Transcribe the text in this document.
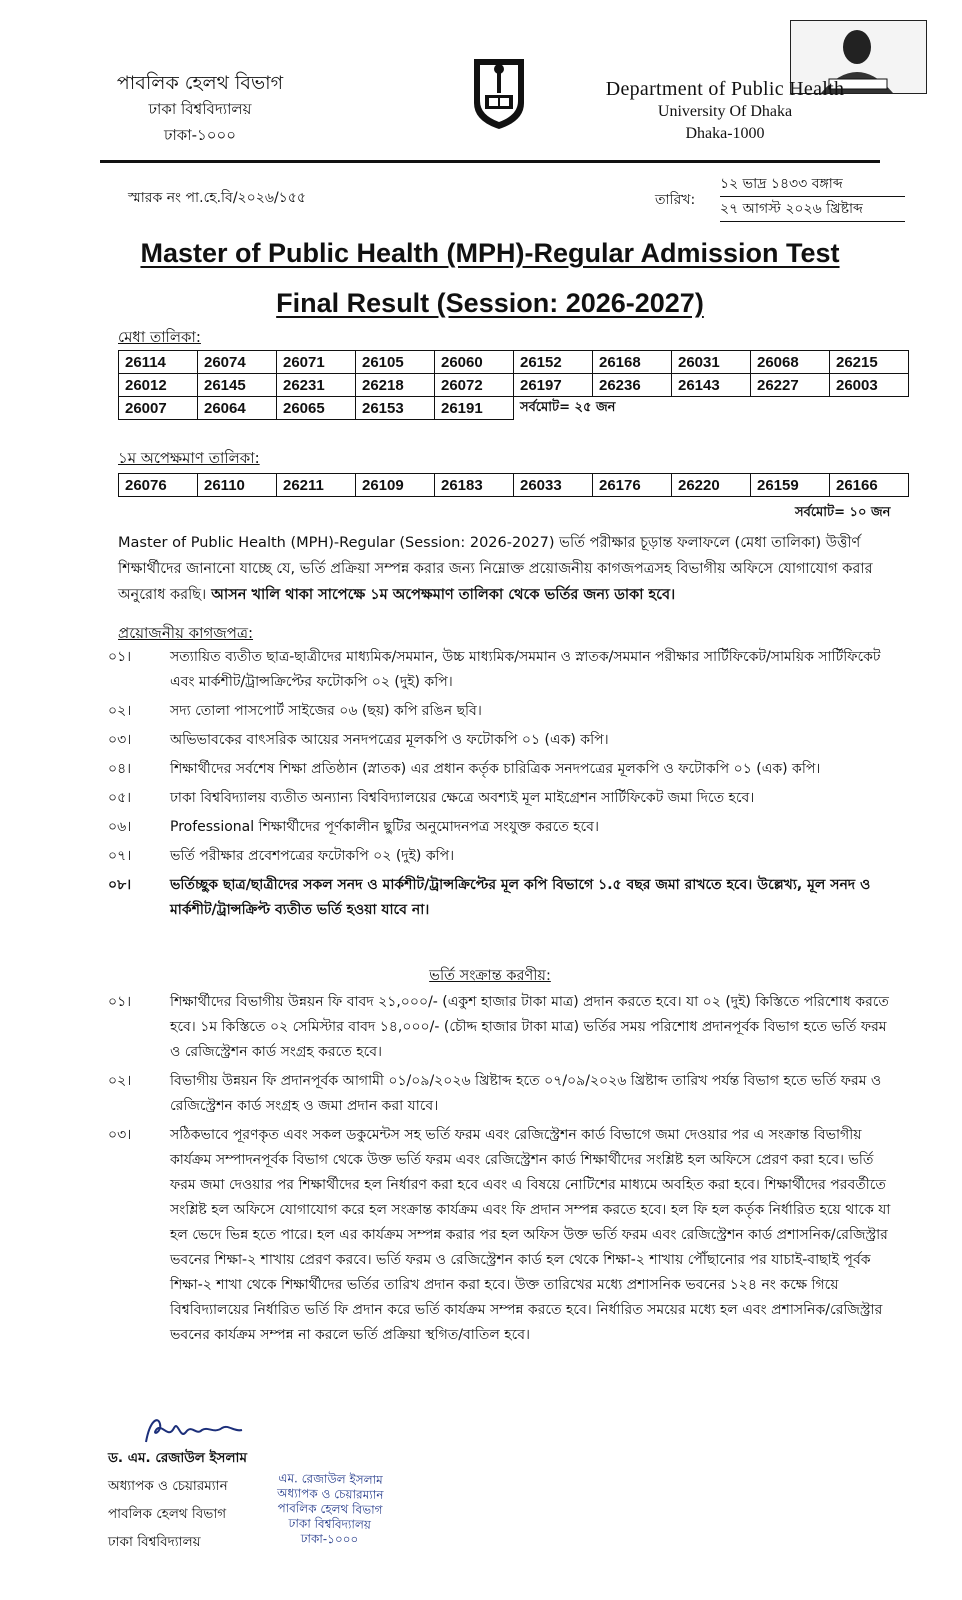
পাবলিক হেলথ বিভাগ
ঢাকা বিশ্ববিদ্যালয়
ঢাকা-১০০০
Department of Public Health
University Of Dhaka
Dhaka-1000
স্মারক নং পা.হে.বি/২০২৬/১৫৫	তারিখ:
১২ ভাদ্র ১৪৩৩ বঙ্গাব্দ
২৭ আগস্ট ২০২৬ খ্রিষ্টাব্দ
Master of Public Health (MPH)-Regular Admission Test
Final Result (Session: 2026-2027)
মেধা তালিকা:
26114	26074	26071	26105	26060	26152	26168	26031	26068	26215
26012	26145	26231	26218	26072	26197	26236	26143	26227	26003
26007	26064	26065	26153	26191	সর্বমোট= ২৫ জন				
১ম অপেক্ষমাণ তালিকা:
26076	26110	26211	26109	26183	26033	26176	26220	26159	26166
সর্বমোট= ১০ জন
Master of Public Health (MPH)-Regular (Session: 2026-2027) ভর্তি পরীক্ষার চূড়ান্ত ফলাফলে (মেধা তালিকা) উত্তীর্ণ শিক্ষার্থীদের জানানো যাচ্ছে যে, ভর্তি প্রক্রিয়া সম্পন্ন করার জন্য নিম্নোক্ত প্রয়োজনীয় কাগজপত্রসহ বিভাগীয় অফিসে যোগাযোগ করার অনুরোধ করছি। আসন খালি থাকা সাপেক্ষে ১ম অপেক্ষমাণ তালিকা থেকে ভর্তির জন্য ডাকা হবে।
প্রয়োজনীয় কাগজপত্র:
০১।	সত্যায়িত ব্যতীত ছাত্র-ছাত্রীদের মাধ্যমিক/সমমান, উচ্চ মাধ্যমিক/সমমান ও স্নাতক/সমমান পরীক্ষার সার্টিফিকেট/সাময়িক সার্টিফিকেট এবং মার্কশীট/ট্রান্সক্রিপ্টের ফটোকপি ০২ (দুই) কপি।
০২।	সদ্য তোলা পাসপোর্ট সাইজের ০৬ (ছয়) কপি রঙিন ছবি।
০৩।	অভিভাবকের বাৎসরিক আয়ের সনদপত্রের মূলকপি ও ফটোকপি ০১ (এক) কপি।
০৪।	শিক্ষার্থীদের সর্বশেষ শিক্ষা প্রতিষ্ঠান (স্নাতক) এর প্রধান কর্তৃক চারিত্রিক সনদপত্রের মূলকপি ও ফটোকপি ০১ (এক) কপি।
০৫।	ঢাকা বিশ্ববিদ্যালয় ব্যতীত অন্যান্য বিশ্ববিদ্যালয়ের ক্ষেত্রে অবশ্যই মূল মাইগ্রেশন সার্টিফিকেট জমা দিতে হবে।
০৬।	Professional শিক্ষার্থীদের পূর্ণকালীন ছুটির অনুমোদনপত্র সংযুক্ত করতে হবে।
০৭।	ভর্তি পরীক্ষার প্রবেশপত্রের ফটোকপি ০২ (দুই) কপি।
০৮।	ভর্তিচ্ছুক ছাত্র/ছাত্রীদের সকল সনদ ও মার্কশীট/ট্রান্সক্রিপ্টের মূল কপি বিভাগে ১.৫ বছর জমা রাখতে হবে। উল্লেখ্য, মূল সনদ ও মার্কশীট/ট্রান্সক্রিপ্ট ব্যতীত ভর্তি হওয়া যাবে না।
ভর্তি সংক্রান্ত করণীয়:
০১।	শিক্ষার্থীদের বিভাগীয় উন্নয়ন ফি বাবদ ২১,০০০/- (একুশ হাজার টাকা মাত্র) প্রদান করতে হবে। যা ০২ (দুই) কিস্তিতে পরিশোধ করতে হবে। ১ম কিস্তিতে ০২ সেমিস্টার বাবদ ১৪,০০০/- (চৌদ্দ হাজার টাকা মাত্র) ভর্তির সময় পরিশোধ প্রদানপূর্বক বিভাগ হতে ভর্তি ফরম ও রেজিস্ট্রেশন কার্ড সংগ্রহ করতে হবে।
০২।	বিভাগীয় উন্নয়ন ফি প্রদানপূর্বক আগামী ০১/০৯/২০২৬ খ্রিষ্টাব্দ হতে ০৭/০৯/২০২৬ খ্রিষ্টাব্দ তারিখ পর্যন্ত বিভাগ হতে ভর্তি ফরম ও রেজিস্ট্রেশন কার্ড সংগ্রহ ও জমা প্রদান করা যাবে।
০৩।	সঠিকভাবে পূরণকৃত এবং সকল ডকুমেন্টস সহ ভর্তি ফরম এবং রেজিস্ট্রেশন কার্ড বিভাগে জমা দেওয়ার পর এ সংক্রান্ত বিভাগীয় কার্যক্রম সম্পাদনপূর্বক বিভাগ থেকে উক্ত ভর্তি ফরম এবং রেজিস্ট্রেশন কার্ড শিক্ষার্থীদের সংশ্লিষ্ট হল অফিসে প্রেরণ করা হবে। ভর্তি ফরম জমা দেওয়ার পর শিক্ষার্থীদের হল নির্ধারণ করা হবে এবং এ বিষয়ে নোটিশের মাধ্যমে অবহিত করা হবে। শিক্ষার্থীদের পরবর্তীতে সংশ্লিষ্ট হল অফিসে যোগাযোগ করে হল সংক্রান্ত কার্যক্রম এবং ফি প্রদান সম্পন্ন করতে হবে। হল ফি হল কর্তৃক নির্ধারিত হয়ে থাকে যা হল ভেদে ভিন্ন হতে পারে। হল এর কার্যক্রম সম্পন্ন করার পর হল অফিস উক্ত ভর্তি ফরম এবং রেজিস্ট্রেশন কার্ড প্রশাসনিক/রেজিস্ট্রার ভবনের শিক্ষা-২ শাখায় প্রেরণ করবে। ভর্তি ফরম ও রেজিস্ট্রেশন কার্ড হল থেকে শিক্ষা-২ শাখায় পৌঁছানোর পর যাচাই-বাছাই পূর্বক শিক্ষা-২ শাখা থেকে শিক্ষার্থীদের ভর্তির তারিখ প্রদান করা হবে। উক্ত তারিখের মধ্যে প্রশাসনিক ভবনের ১২৪ নং কক্ষে গিয়ে বিশ্ববিদ্যালয়ের নির্ধারিত ভর্তি ফি প্রদান করে ভর্তি কার্যক্রম সম্পন্ন করতে হবে। নির্ধারিত সময়ের মধ্যে হল এবং প্রশাসনিক/রেজিস্ট্রার ভবনের কার্যক্রম সম্পন্ন না করলে ভর্তি প্রক্রিয়া স্থগিত/বাতিল হবে।
ড. এম. রেজাউল ইসলাম
অধ্যাপক ও চেয়ারম্যান
পাবলিক হেলথ বিভাগ
ঢাকা বিশ্ববিদ্যালয়
এম. রেজাউল ইসলাম
অধ্যাপক ও চেয়ারম্যান
পাবলিক হেলথ বিভাগ
ঢাকা বিশ্ববিদ্যালয়
ঢাকা-১০০০
